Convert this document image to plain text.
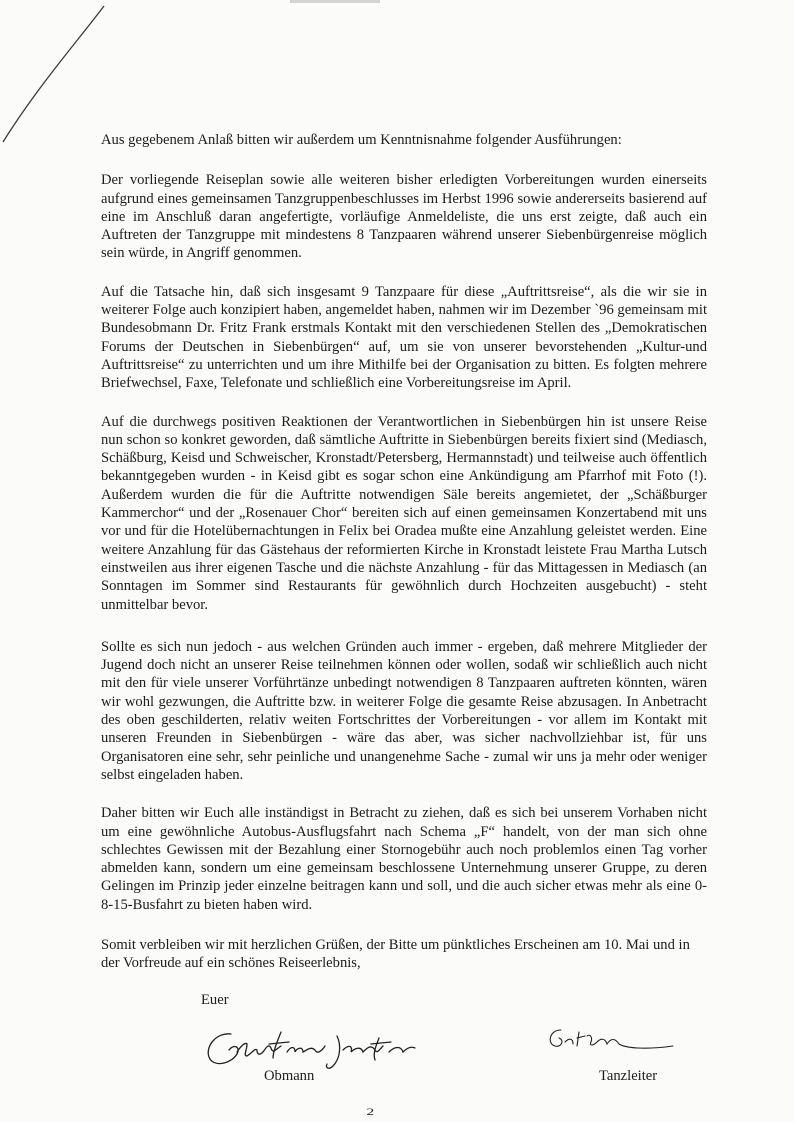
Aus gegebenem Anlaß bitten wir außerdem um Kenntnisnahme folgender Ausführungen:

Der vorliegende Reiseplan sowie alle weiteren bisher erledigten Vorbereitungen wurden einerseits aufgrund eines gemeinsamen Tanzgruppenbeschlusses im Herbst 1996 sowie andererseits basierend auf eine im Anschluß daran angefertigte, vorläufige Anmeldeliste, die uns erst zeigte, daß auch ein Auftreten der Tanzgruppe mit mindestens 8 Tanzpaaren während unserer Siebenbürgenreise möglich sein würde, in Angriff genommen.

Auf die Tatsache hin, daß sich insgesamt 9 Tanzpaare für diese „Auftrittsreise“, als die wir sie in weiterer Folge auch konzipiert haben, angemeldet haben, nahmen wir im Dezember `96 gemeinsam mit Bundesobmann Dr. Fritz Frank erstmals Kontakt mit den verschiedenen Stellen des „Demokratischen Forums der Deutschen in Siebenbürgen“ auf, um sie von unserer bevorstehenden „Kultur-und Auftrittsreise“ zu unterrichten und um ihre Mithilfe bei der Organisation zu bitten. Es folgten mehrere Briefwechsel, Faxe, Telefonate und schließlich eine Vorbereitungsreise im April.

Auf die durchwegs positiven Reaktionen der Verantwortlichen in Siebenbürgen hin ist unsere Reise nun schon so konkret geworden, daß sämtliche Auftritte in Siebenbürgen bereits fixiert sind (Mediasch, Schäßburg, Keisd und Schweischer, Kronstadt/Petersberg, Hermannstadt) und teilweise auch öffentlich bekanntgegeben wurden - in Keisd gibt es sogar schon eine Ankündigung am Pfarrhof mit Foto (!). Außerdem wurden die für die Auftritte notwendigen Säle bereits angemietet, der „Schäßburger Kammerchor“ und der „Rosenauer Chor“ bereiten sich auf einen gemeinsamen Konzertabend mit uns vor und für die Hotelübernachtungen in Felix bei Oradea mußte eine Anzahlung geleistet werden. Eine weitere Anzahlung für das Gästehaus der reformierten Kirche in Kronstadt leistete Frau Martha Lutsch einstweilen aus ihrer eigenen Tasche und die nächste Anzahlung - für das Mittagessen in Mediasch (an Sonntagen im Sommer sind Restaurants für gewöhnlich durch Hochzeiten ausgebucht) - steht unmittelbar bevor.

Sollte es sich nun jedoch - aus welchen Gründen auch immer - ergeben, daß mehrere Mitglieder der Jugend doch nicht an unserer Reise teilnehmen können oder wollen, sodaß wir schließlich auch nicht mit den für viele unserer Vorführtänze unbedingt notwendigen 8 Tanzpaaren auftreten könnten, wären wir wohl gezwungen, die Auftritte bzw. in weiterer Folge die gesamte Reise abzusagen. In Anbetracht des oben geschilderten, relativ weiten Fortschrittes der Vorbereitungen - vor allem im Kontakt mit unseren Freunden in Siebenbürgen - wäre das aber, was sicher nachvollziehbar ist, für uns Organisatoren eine sehr, sehr peinliche und unangenehme Sache - zumal wir uns ja mehr oder weniger selbst eingeladen haben.

Daher bitten wir Euch alle inständigst in Betracht zu ziehen, daß es sich bei unserem Vorhaben nicht um eine gewöhnliche Autobus-Ausflugsfahrt nach Schema „F“ handelt, von der man sich ohne schlechtes Gewissen mit der Bezahlung einer Stornogebühr auch noch problemlos einen Tag vorher abmelden kann, sondern um eine gemeinsam beschlossene Unternehmung unserer Gruppe, zu deren Gelingen im Prinzip jeder einzelne beitragen kann und soll, und die auch sicher etwas mehr als eine 0-8-15-Busfahrt zu bieten haben wird.

Somit verbleiben wir mit herzlichen Grüßen, der Bitte um pünktliches Erscheinen am 10. Mai und in der Vorfreude auf ein schönes Reiseerlebnis,

Euer
Günther Schmiter
Christian
Obmann	Tanzleiter
2
